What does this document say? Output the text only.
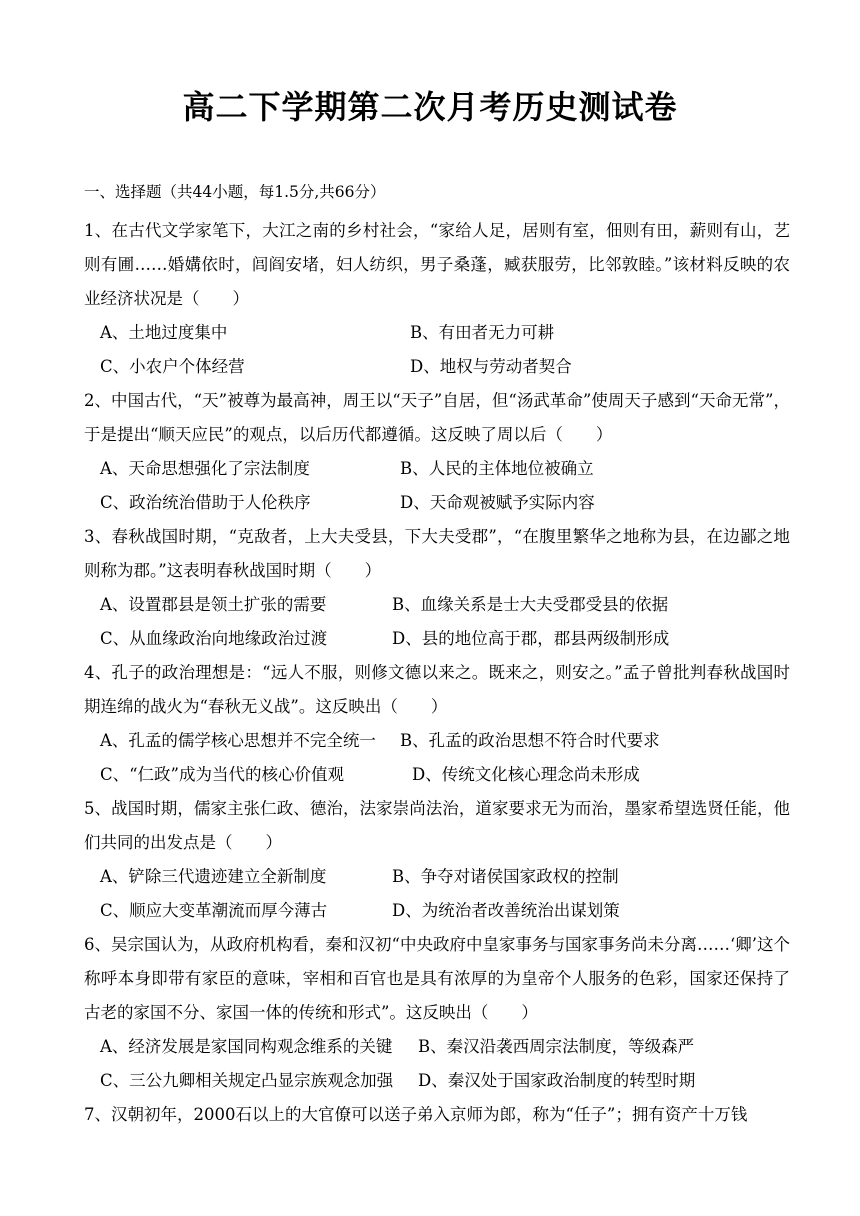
高二下学期第二次月考历史测试卷

一、选择题（共44小题，每1.5分,共66分）

1、在古代文学家笔下，大江之南的乡村社会，“家给人足，居则有室，佃则有田，薪则有山，艺则有圃……婚媾依时，闾阎安堵，妇人纺织，男子桑蓬，臧获服劳，比邻敦睦。”该材料反映的农业经济状况是（　　）

A、土地过度集中	B、有田者无力可耕
C、小农户个体经营	D、地权与劳动者契合

2、中国古代，“天”被尊为最高神，周王以“天子”自居，但“汤武革命”使周天子感到“天命无常”，于是提出“顺天应民”的观点，以后历代都遵循。这反映了周以后（　　）

A、天命思想强化了宗法制度	B、人民的主体地位被确立
C、政治统治借助于人伦秩序	D、天命观被赋予实际内容

3、春秋战国时期，“克敌者，上大夫受县，下大夫受郡”，“在腹里繁华之地称为县，在边鄙之地则称为郡。”这表明春秋战国时期（　　）

A、设置郡县是领土扩张的需要	B、血缘关系是士大夫受郡受县的依据
C、从血缘政治向地缘政治过渡	D、县的地位高于郡，郡县两级制形成

4、孔子的政治理想是：“远人不服，则修文德以来之。既来之，则安之。”孟子曾批判春秋战国时期连绵的战火为“春秋无义战”。这反映出（　　）

A、孔孟的儒学核心思想并不完全统一	B、孔孟的政治思想不符合时代要求
C、“仁政”成为当代的核心价值观	D、传统文化核心理念尚未形成

5、战国时期，儒家主张仁政、德治，法家崇尚法治，道家要求无为而治，墨家希望选贤任能，他们共同的出发点是（　　）

A、铲除三代遗迹建立全新制度	B、争夺对诸侯国家政权的控制
C、顺应大变革潮流而厚今薄古	D、为统治者改善统治出谋划策

6、吴宗国认为，从政府机构看，秦和汉初“中央政府中皇家事务与国家事务尚未分离……‘卿’这个称呼本身即带有家臣的意味，宰相和百官也是具有浓厚的为皇帝个人服务的色彩，国家还保持了古老的家国不分、家国一体的传统和形式”。这反映出（　　）

A、经济发展是家国同构观念维系的关键	B、秦汉沿袭西周宗法制度，等级森严
C、三公九卿相关规定凸显宗族观念加强	D、秦汉处于国家政治制度的转型时期

7、汉朝初年，2000石以上的大官僚可以送子弟入京师为郎，称为“任子”；拥有资产十万钱
